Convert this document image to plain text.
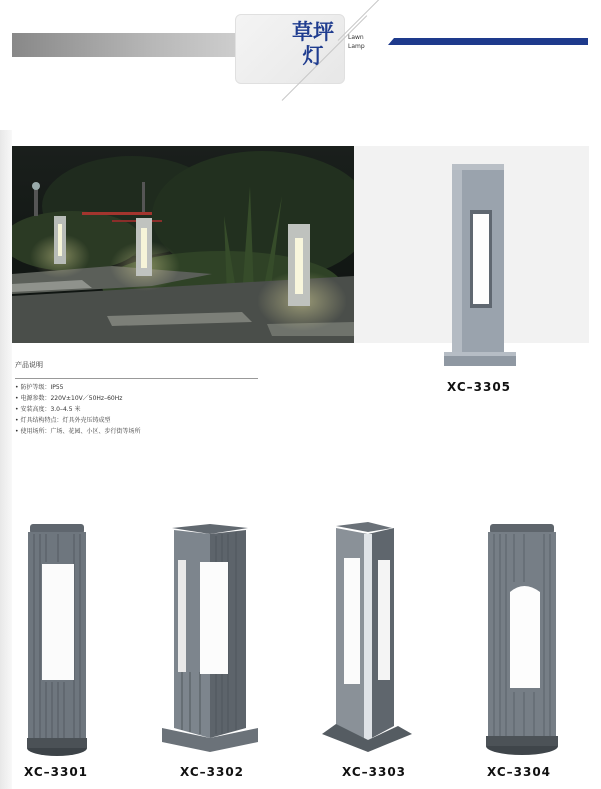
草坪灯
Lawn
Lamp
XC–3305
产品说明
• 防护等级：IP55
• 电源参数：220V±10V／50Hz–60Hz
• 安装高度：3.0–4.5 米
• 灯具结构特点：灯具外壳压铸成型
• 使用场所：广场、花园、小区、步行街等场所
XC–3301	XC–3302	XC–3303	XC–3304
